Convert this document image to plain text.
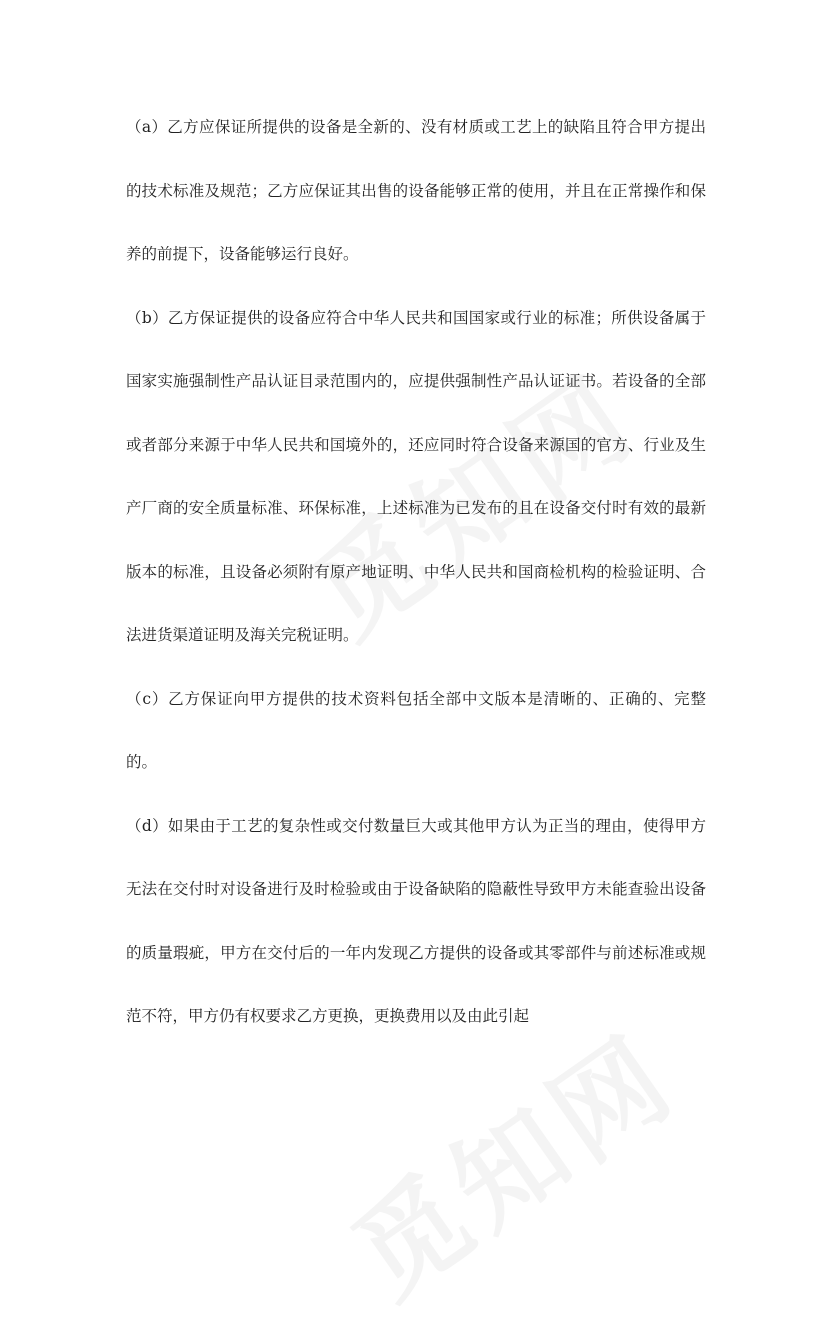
（a）乙方应保证所提供的设备是全新的、没有材质或工艺上的缺陷且符合甲方提出的技术标准及规范；乙方应保证其出售的设备能够正常的使用，并且在正常操作和保养的前提下，设备能够运行良好。

（b）乙方保证提供的设备应符合中华人民共和国国家或行业的标准；所供设备属于国家实施强制性产品认证目录范围内的，应提供强制性产品认证证书。若设备的全部或者部分来源于中华人民共和国境外的，还应同时符合设备来源国的官方、行业及生产厂商的安全质量标准、环保标准，上述标准为已发布的且在设备交付时有效的最新版本的标准，且设备必须附有原产地证明、中华人民共和国商检机构的检验证明、合法进货渠道证明及海关完税证明。

（c）乙方保证向甲方提供的技术资料包括全部中文版本是清晰的、正确的、完整的。

（d）如果由于工艺的复杂性或交付数量巨大或其他甲方认为正当的理由，使得甲方无法在交付时对设备进行及时检验或由于设备缺陷的隐蔽性导致甲方未能查验出设备的质量瑕疵，甲方在交付后的一年内发现乙方提供的设备或其零部件与前述标准或规范不符，甲方仍有权要求乙方更换，更换费用以及由此引起
